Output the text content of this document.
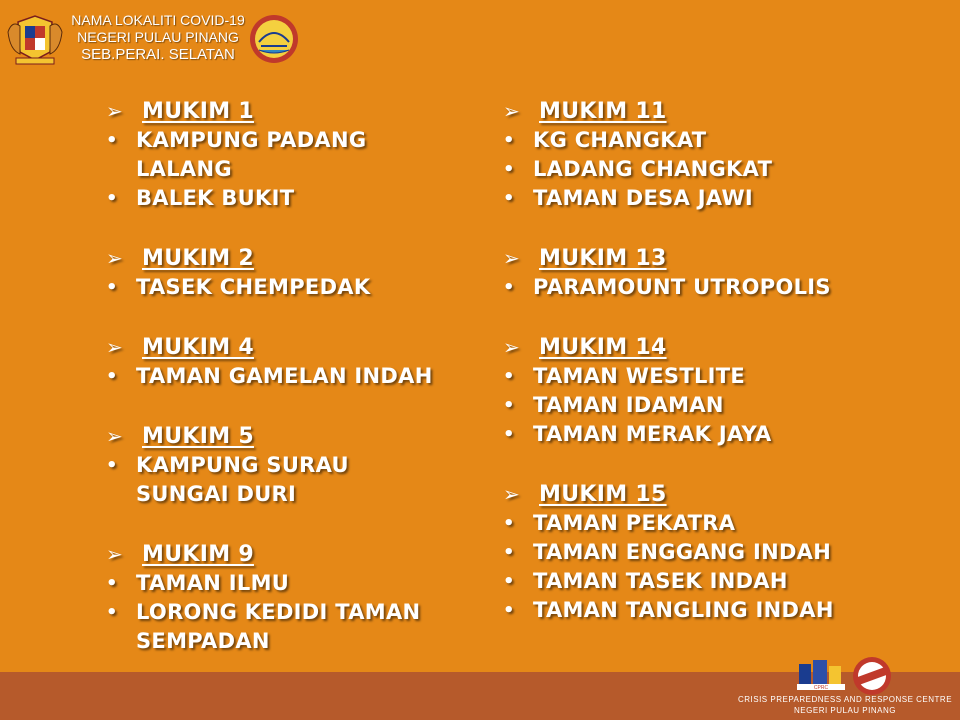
NAMA LOKALITI COVID-19
NEGERI PULAU PINANG
SEB.PERAI. SELATAN
➢ MUKIM 1
• KAMPUNG PADANG LALANG
• BALEK BUKIT
➢ MUKIM 2
• TASEK CHEMPEDAK
➢ MUKIM 4
• TAMAN GAMELAN INDAH
➢ MUKIM 5
• KAMPUNG SURAU SUNGAI DURI
➢ MUKIM 9
• TAMAN ILMU
• LORONG KEDIDI TAMAN SEMPADAN
➢ MUKIM 11
• KG CHANGKAT
• LADANG CHANGKAT
• TAMAN DESA JAWI
➢ MUKIM 13
• PARAMOUNT UTROPOLIS
➢ MUKIM 14
• TAMAN WESTLITE
• TAMAN IDAMAN
• TAMAN MERAK JAYA
➢ MUKIM 15
• TAMAN PEKATRA
• TAMAN ENGGANG INDAH
• TAMAN TASEK INDAH
• TAMAN TANGLING INDAH
CPRC
CRISIS PREPAREDNESS AND RESPONSE CENTRE
NEGERI PULAU PINANG
